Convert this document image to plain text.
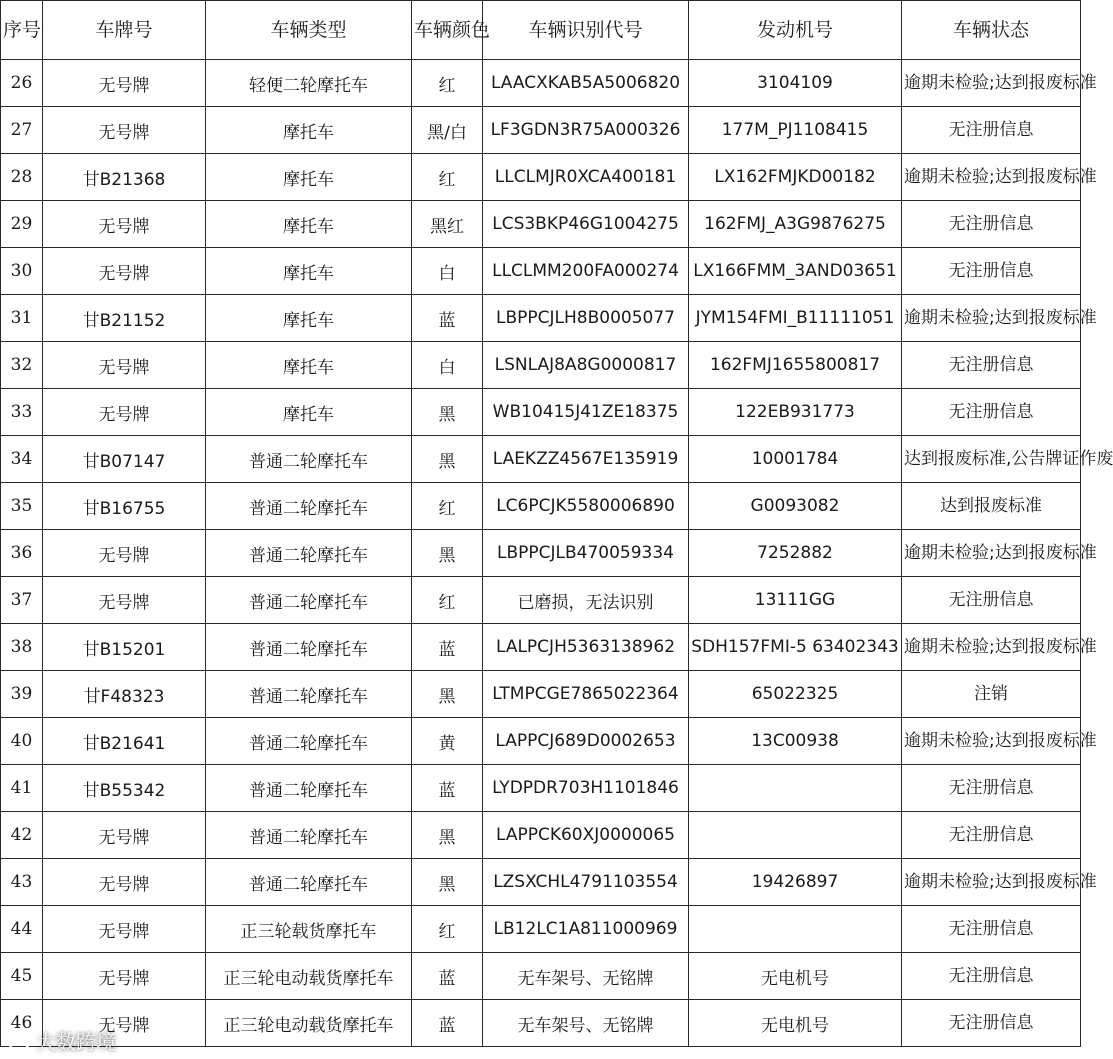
序号	车牌号	车辆类型	车辆颜色	车辆识别代号	发动机号	车辆状态
26	无号牌	轻便二轮摩托车	红	LAACXKAB5A5006820	3104109	逾期未检验;达到报废标准
27	无号牌	摩托车	黑/白	LF3GDN3R75A000326	177M_PJ1108415	无注册信息
28	甘B21368	摩托车	红	LLCLMJR0XCA400181	LX162FMJKD00182	逾期未检验;达到报废标准
29	无号牌	摩托车	黑红	LCS3BKP46G1004275	162FMJ_A3G9876275	无注册信息
30	无号牌	摩托车	白	LLCLMM200FA000274	LX166FMM_3AND03651	无注册信息
31	甘B21152	摩托车	蓝	LBPPCJLH8B0005077	JYM154FMI_B11111051	逾期未检验;达到报废标准
32	无号牌	摩托车	白	LSNLAJ8A8G0000817	162FMJ1655800817	无注册信息
33	无号牌	摩托车	黑	WB10415J41ZE18375	122EB931773	无注册信息
34	甘B07147	普通二轮摩托车	黑	LAEKZZ4567E135919	10001784	达到报废标准,公告牌证作废
35	甘B16755	普通二轮摩托车	红	LC6PCJK5580006890	G0093082	达到报废标准
36	无号牌	普通二轮摩托车	黑	LBPPCJLB470059334	7252882	逾期未检验;达到报废标准
37	无号牌	普通二轮摩托车	红	已磨损，无法识别	13111GG	无注册信息
38	甘B15201	普通二轮摩托车	蓝	LALPCJH5363138962	SDH157FMI-5 63402343	逾期未检验;达到报废标准
39	甘F48323	普通二轮摩托车	黑	LTMPCGE7865022364	65022325	注销
40	甘B21641	普通二轮摩托车	黄	LAPPCJ689D0002653	13C00938	逾期未检验;达到报废标准
41	甘B55342	普通二轮摩托车	蓝	LYDPDR703H1101846		无注册信息
42	无号牌	普通二轮摩托车	黑	LAPPCK60XJ0000065		无注册信息
43	无号牌	普通二轮摩托车	黑	LZSXCHL4791103554	19426897	逾期未检验;达到报废标准
44	无号牌	正三轮载货摩托车	红	LB12LC1A811000969		无注册信息
45	无号牌	正三轮电动载货摩托车	蓝	无车架号、无铭牌	无电机号	无注册信息
46	无号牌	正三轮电动载货摩托车	蓝	无车架号、无铭牌	无电机号	无注册信息
大数跨境
